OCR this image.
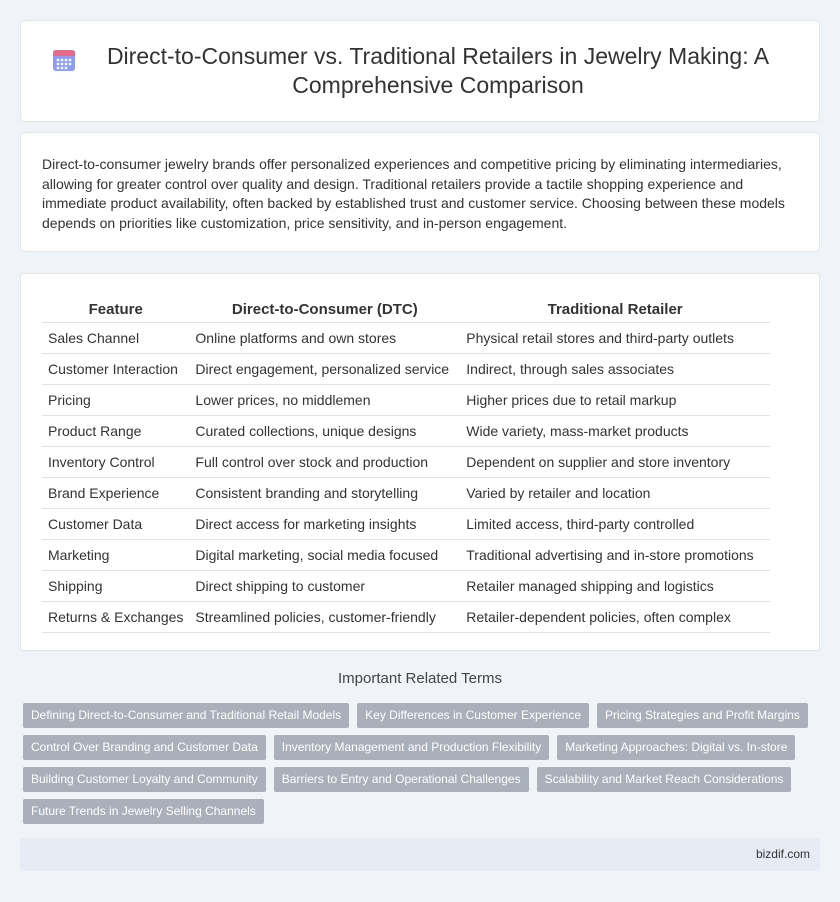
Direct-to-Consumer vs. Traditional Retailers in Jewelry Making: A Comprehensive Comparison

Direct-to-consumer jewelry brands offer personalized experiences and competitive pricing by eliminating intermediaries, allowing for greater control over quality and design. Traditional retailers provide a tactile shopping experience and immediate product availability, often backed by established trust and customer service. Choosing between these models depends on priorities like customization, price sensitivity, and in-person engagement.

Feature	Direct-to-Consumer (DTC)	Traditional Retailer
Sales Channel	Online platforms and own stores	Physical retail stores and third-party outlets
Customer Interaction	Direct engagement, personalized service	Indirect, through sales associates
Pricing	Lower prices, no middlemen	Higher prices due to retail markup
Product Range	Curated collections, unique designs	Wide variety, mass-market products
Inventory Control	Full control over stock and production	Dependent on supplier and store inventory
Brand Experience	Consistent branding and storytelling	Varied by retailer and location
Customer Data	Direct access for marketing insights	Limited access, third-party controlled
Marketing	Digital marketing, social media focused	Traditional advertising and in-store promotions
Shipping	Direct shipping to customer	Retailer managed shipping and logistics
Returns & Exchanges	Streamlined policies, customer-friendly	Retailer-dependent policies, often complex
Important Related Terms
Defining Direct-to-Consumer and Traditional Retail Models	Key Differences in Customer Experience	Pricing Strategies and Profit Margins
Control Over Branding and Customer Data	Inventory Management and Production Flexibility	Marketing Approaches: Digital vs. In-store
Building Customer Loyalty and Community	Barriers to Entry and Operational Challenges	Scalability and Market Reach Considerations
Future Trends in Jewelry Selling Channels
bizdif.com
